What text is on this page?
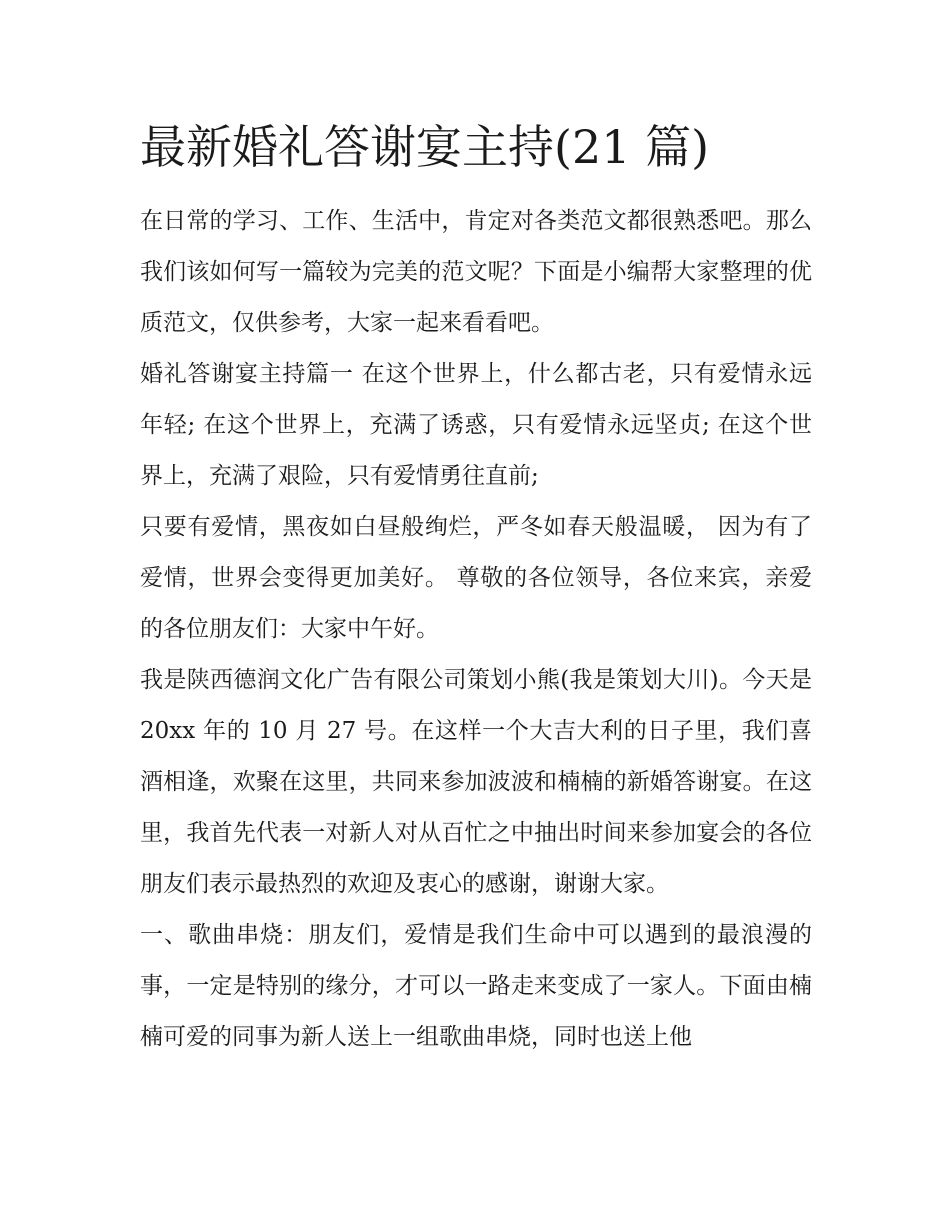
最新婚礼答谢宴主持(21 篇)

在日常的学习、工作、生活中，肯定对各类范文都很熟悉吧。那么我们该如何写一篇较为完美的范文呢？下面是小编帮大家整理的优质范文，仅供参考，大家一起来看看吧。

婚礼答谢宴主持篇一 在这个世界上，什么都古老，只有爱情永远年轻; 在这个世界上，充满了诱惑，只有爱情永远坚贞; 在这个世界上，充满了艰险，只有爱情勇往直前;

只要有爱情，黑夜如白昼般绚烂，严冬如春天般温暖， 因为有了爱情，世界会变得更加美好。 尊敬的各位领导，各位来宾，亲爱的各位朋友们：大家中午好。

我是陕西德润文化广告有限公司策划小熊(我是策划大川)。今天是 20xx 年的 10 月 27 号。在这样一个大吉大利的日子里，我们喜酒相逢，欢聚在这里，共同来参加波波和楠楠的新婚答谢宴。在这里，我首先代表一对新人对从百忙之中抽出时间来参加宴会的各位朋友们表示最热烈的欢迎及衷心的感谢，谢谢大家。

一、歌曲串烧：朋友们，爱情是我们生命中可以遇到的最浪漫的事，一定是特别的缘分，才可以一路走来变成了一家人。下面由楠楠可爱的同事为新人送上一组歌曲串烧，同时也送上他
